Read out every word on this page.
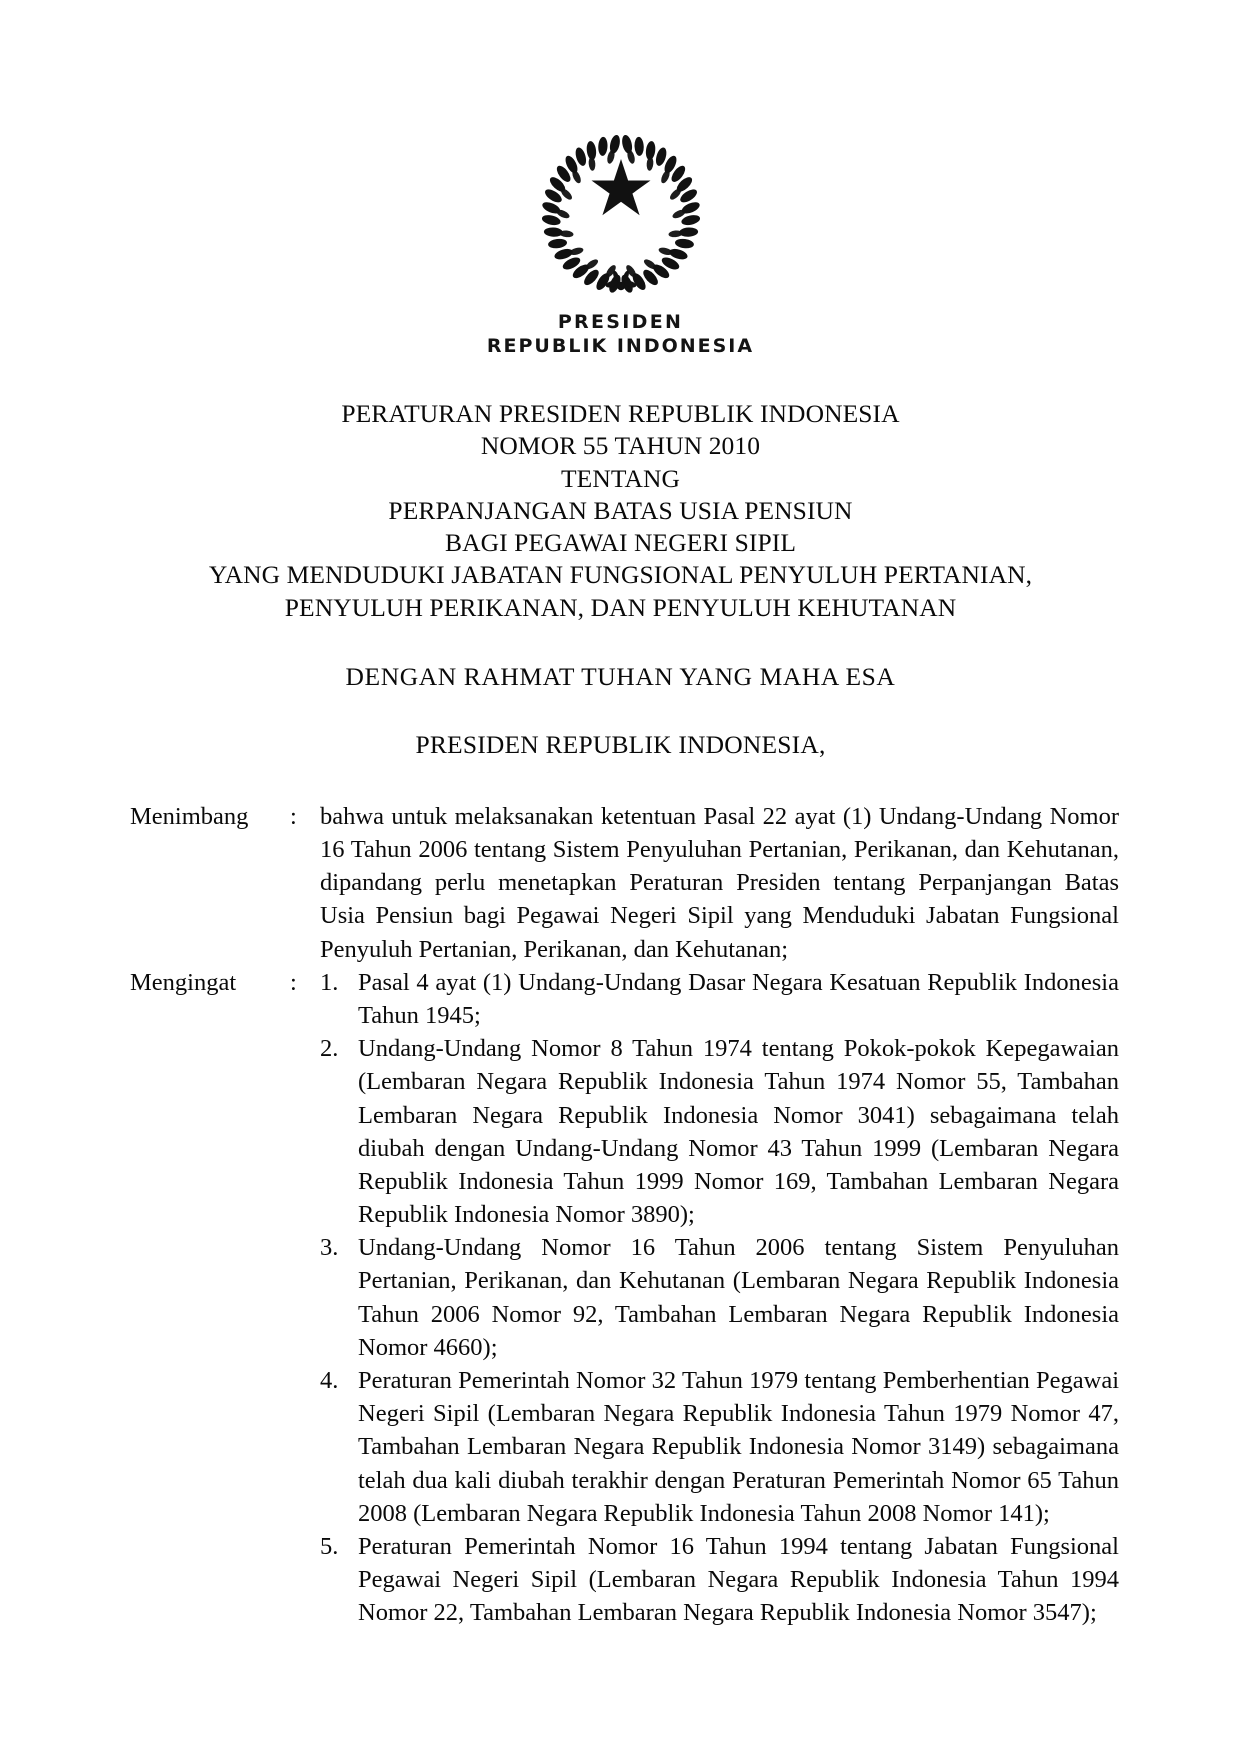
PRESIDEN
REPUBLIK INDONESIA
PERATURAN PRESIDEN REPUBLIK INDONESIA
NOMOR 55 TAHUN 2010
TENTANG
PERPANJANGAN BATAS USIA PENSIUN
BAGI PEGAWAI NEGERI SIPIL
YANG MENDUDUKI JABATAN FUNGSIONAL PENYULUH PERTANIAN,
PENYULUH PERIKANAN, DAN PENYULUH KEHUTANAN
DENGAN RAHMAT TUHAN YANG MAHA ESA
PRESIDEN REPUBLIK INDONESIA,
Menimbang	: bahwa untuk melaksanakan ketentuan Pasal 22 ayat (1) Undang-Undang Nomor 16 Tahun 2006 tentang Sistem Penyuluhan Pertanian, Perikanan, dan Kehutanan, dipandang perlu menetapkan Peraturan Presiden tentang Perpanjangan Batas Usia Pensiun bagi Pegawai Negeri Sipil yang Menduduki Jabatan Fungsional Penyuluh Pertanian, Perikanan, dan Kehutanan;

Mengingat	: 1. Pasal 4 ayat (1) Undang-Undang Dasar Negara Kesatuan Republik Indonesia Tahun 1945;
2. Undang-Undang Nomor 8 Tahun 1974 tentang Pokok-pokok Kepegawaian (Lembaran Negara Republik Indonesia Tahun 1974 Nomor 55, Tambahan Lembaran Negara Republik Indonesia Nomor 3041) sebagaimana telah diubah dengan Undang-Undang Nomor 43 Tahun 1999 (Lembaran Negara Republik Indonesia Tahun 1999 Nomor 169, Tambahan Lembaran Negara Republik Indonesia Nomor 3890);
3. Undang-Undang Nomor 16 Tahun 2006 tentang Sistem Penyuluhan Pertanian, Perikanan, dan Kehutanan (Lembaran Negara Republik Indonesia Tahun 2006 Nomor 92, Tambahan Lembaran Negara Republik Indonesia Nomor 4660);
4. Peraturan Pemerintah Nomor 32 Tahun 1979 tentang Pemberhentian Pegawai Negeri Sipil (Lembaran Negara Republik Indonesia Tahun 1979 Nomor 47, Tambahan Lembaran Negara Republik Indonesia Nomor 3149) sebagaimana telah dua kali diubah terakhir dengan Peraturan Pemerintah Nomor 65 Tahun 2008 (Lembaran Negara Republik Indonesia Tahun 2008 Nomor 141);
5. Peraturan Pemerintah Nomor 16 Tahun 1994 tentang Jabatan Fungsional Pegawai Negeri Sipil (Lembaran Negara Republik Indonesia Tahun 1994 Nomor 22, Tambahan Lembaran Negara Republik Indonesia Nomor 3547);
